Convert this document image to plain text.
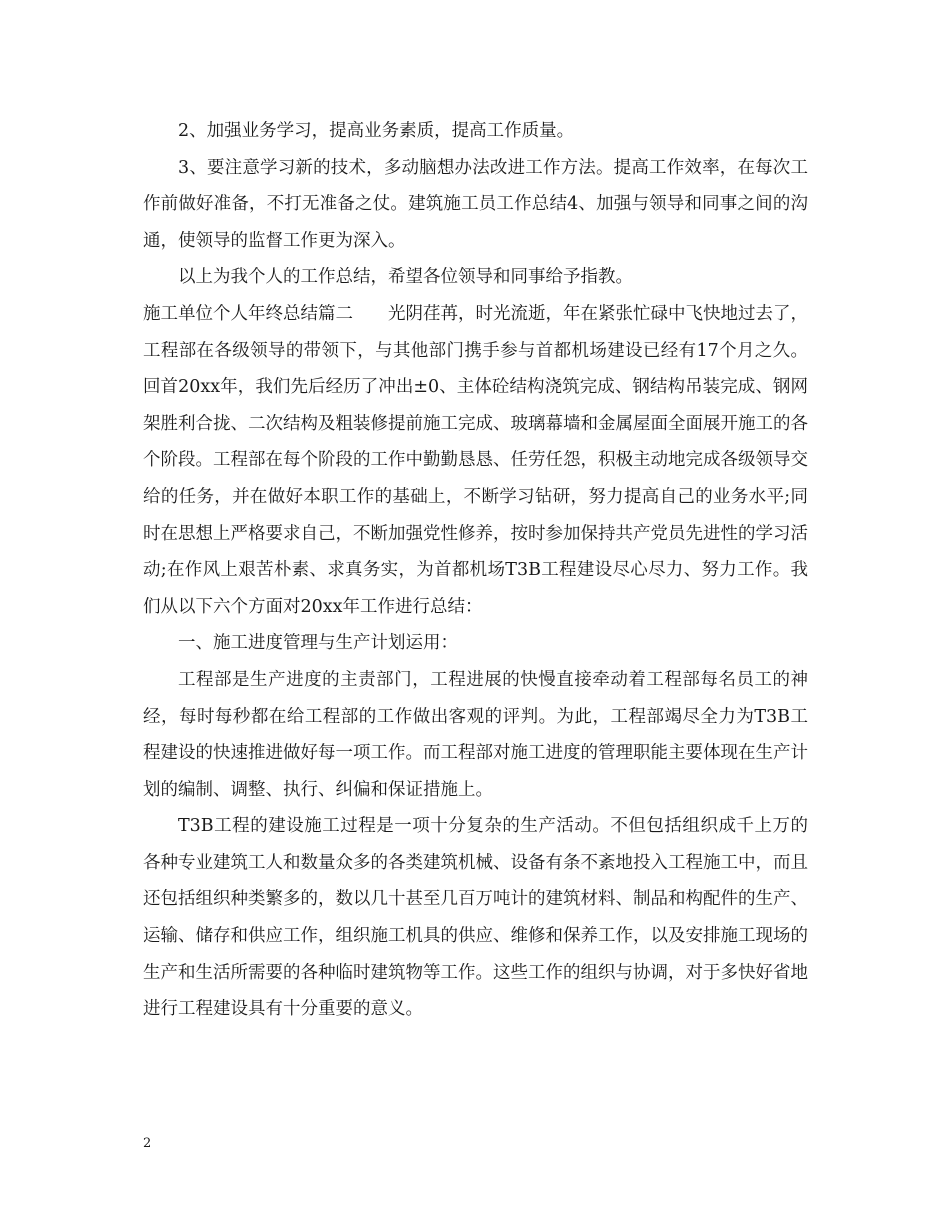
2、加强业务学习，提高业务素质，提高工作质量。

3、要注意学习新的技术，多动脑想办法改进工作方法。提高工作效率，在每次工作前做好准备，不打无准备之仗。建筑施工员工作总结4、加强与领导和同事之间的沟通，使领导的监督工作更为深入。

以上为我个人的工作总结，希望各位领导和同事给予指教。

施工单位个人年终总结篇二　　光阴荏苒，时光流逝，年在紧张忙碌中飞快地过去了，工程部在各级领导的带领下，与其他部门携手参与首都机场建设已经有17个月之久。回首20xx年，我们先后经历了冲出±0、主体砼结构浇筑完成、钢结构吊装完成、钢网架胜利合拢、二次结构及粗装修提前施工完成、玻璃幕墙和金属屋面全面展开施工的各个阶段。工程部在每个阶段的工作中勤勤恳恳、任劳任怨，积极主动地完成各级领导交给的任务，并在做好本职工作的基础上，不断学习钻研，努力提高自己的业务水平;同时在思想上严格要求自己，不断加强党性修养，按时参加保持共产党员先进性的学习活动;在作风上艰苦朴素、求真务实，为首都机场T3B工程建设尽心尽力、努力工作。我们从以下六个方面对20xx年工作进行总结：

一、施工进度管理与生产计划运用：

工程部是生产进度的主责部门，工程进展的快慢直接牵动着工程部每名员工的神经，每时每秒都在给工程部的工作做出客观的评判。为此，工程部竭尽全力为T3B工程建设的快速推进做好每一项工作。而工程部对施工进度的管理职能主要体现在生产计划的编制、调整、执行、纠偏和保证措施上。

T3B工程的建设施工过程是一项十分复杂的生产活动。不但包括组织成千上万的各种专业建筑工人和数量众多的各类建筑机械、设备有条不紊地投入工程施工中，而且还包括组织种类繁多的，数以几十甚至几百万吨计的建筑材料、制品和构配件的生产、运输、储存和供应工作，组织施工机具的供应、维修和保养工作，以及安排施工现场的生产和生活所需要的各种临时建筑物等工作。这些工作的组织与协调，对于多快好省地进行工程建设具有十分重要的意义。

2
